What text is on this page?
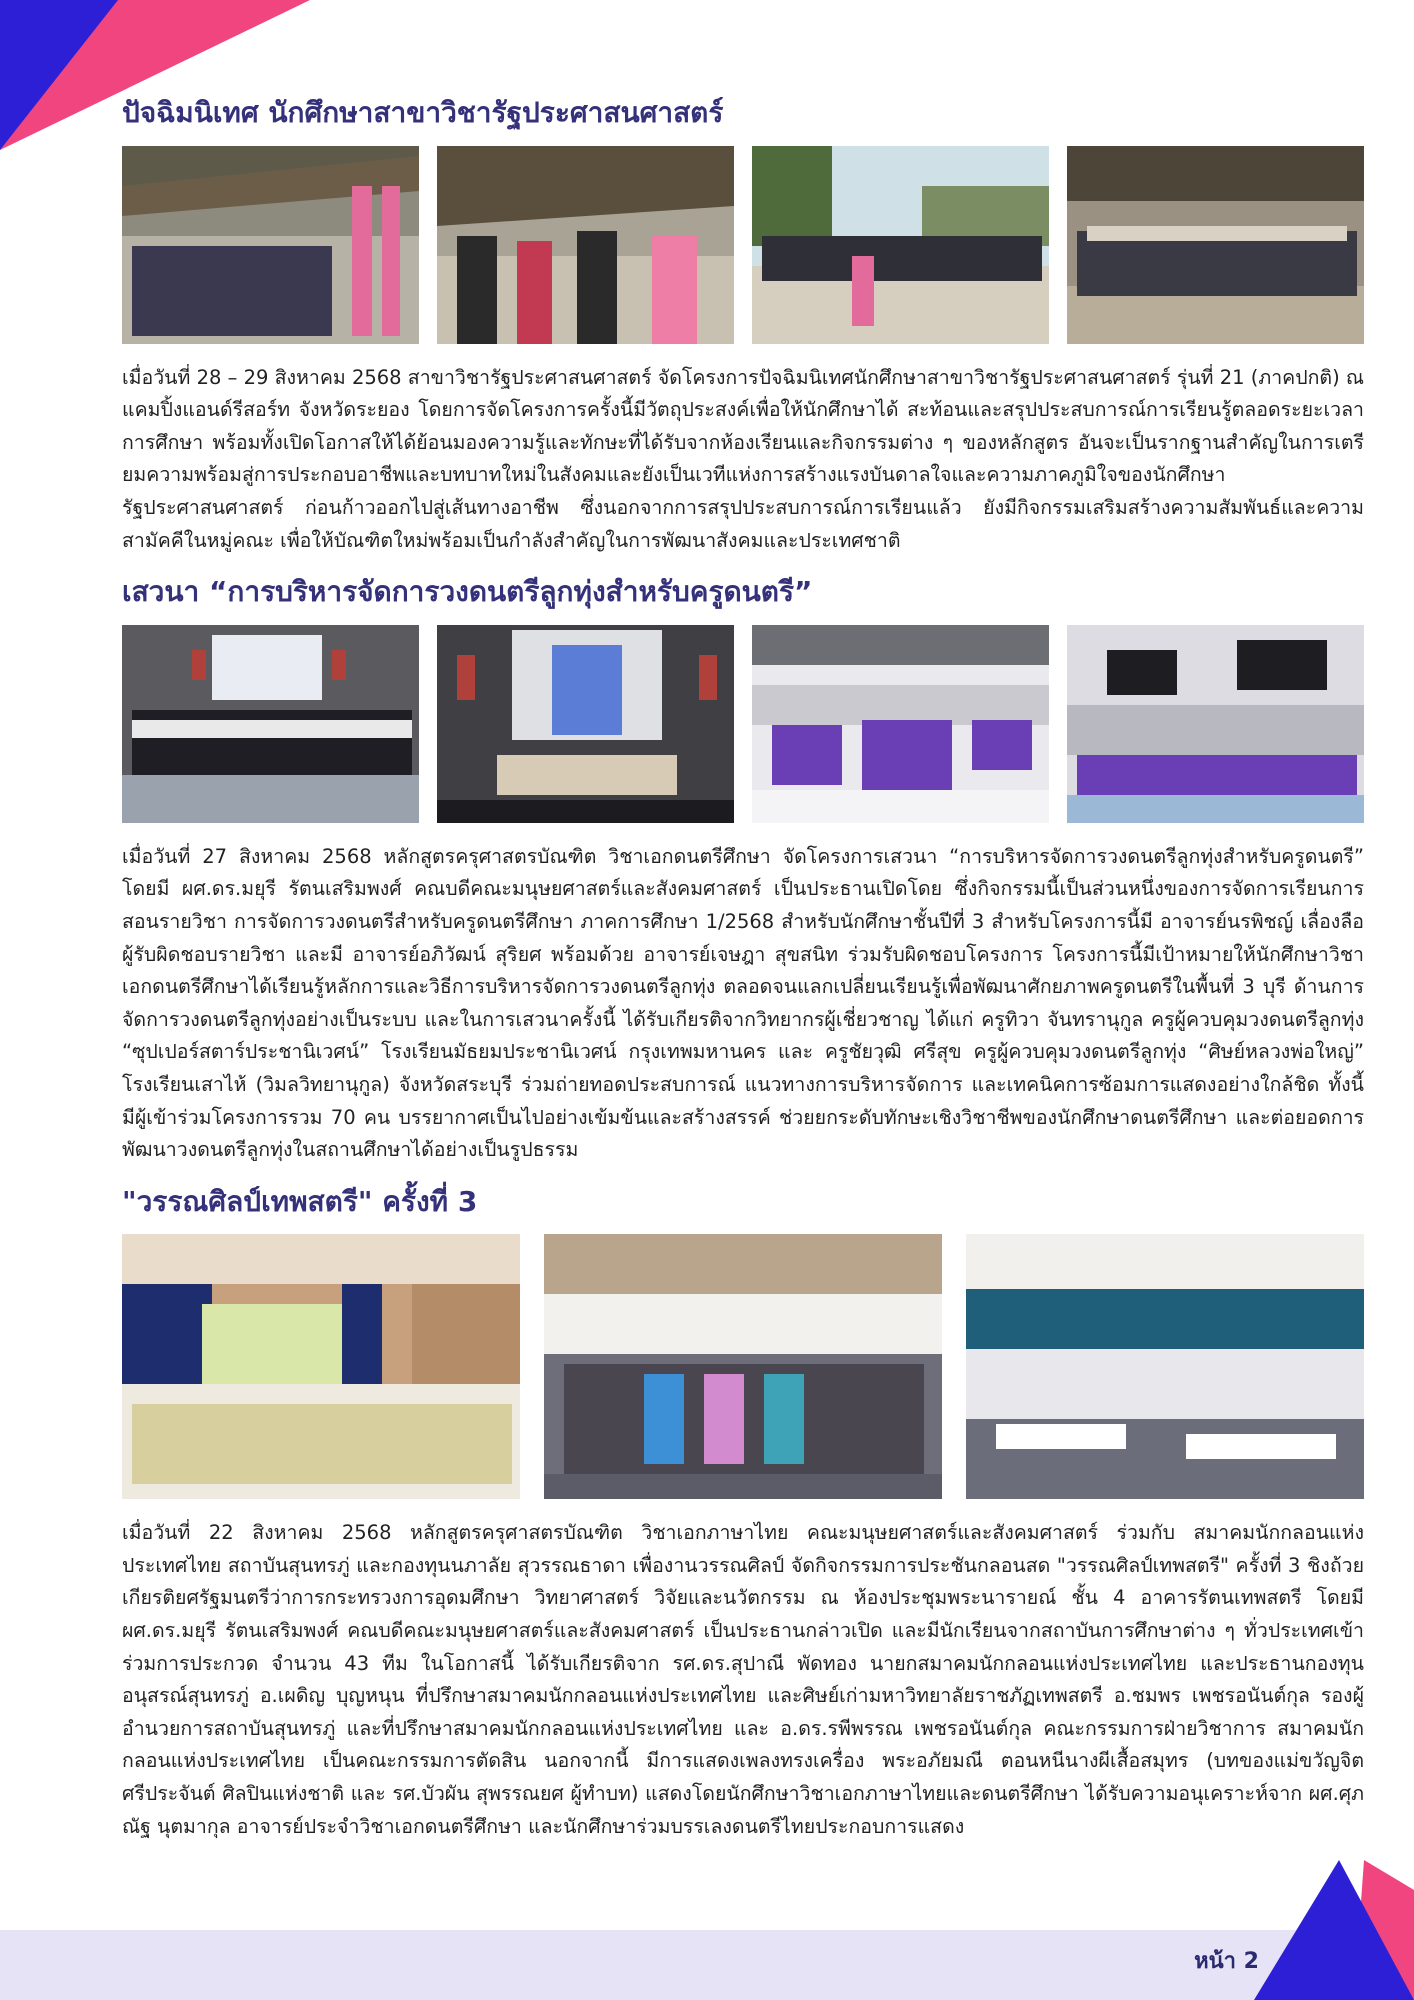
หน้า 2
ปัจฉิมนิเทศ นักศึกษาสาขาวิชารัฐประศาสนศาสตร์

เมื่อวันที่ 28 – 29 สิงหาคม 2568 สาขาวิชารัฐประศาสนศาสตร์ จัดโครงการปัจฉิมนิเทศนักศึกษาสาขาวิชารัฐประศาสนศาสตร์ รุ่นที่ 21 (ภาคปกติ) ณ แคมปิ้งแอนด์รีสอร์ท จังหวัดระยอง โดยการจัดโครงการครั้งนี้มีวัตถุประสงค์เพื่อให้นักศึกษาได้ สะท้อนและสรุปประสบการณ์การเรียนรู้ตลอดระยะเวลาการศึกษา พร้อมทั้งเปิดโอกาสให้ได้ย้อนมองความรู้และทักษะที่ได้รับจากห้องเรียนและกิจกรรมต่าง ๆ ของหลักสูตร อันจะเป็นรากฐานสำคัญในการเตรียมความพร้อมสู่การประกอบอาชีพและบทบาทใหม่ในสังคมและยังเป็นเวทีแห่งการสร้างแรงบันดาลใจและความภาคภูมิใจของนักศึกษารัฐประศาสนศาสตร์ ก่อนก้าวออกไปสู่เส้นทางอาชีพ ซึ่งนอกจากการสรุปประสบการณ์การเรียนแล้ว ยังมีกิจกรรมเสริมสร้างความสัมพันธ์และความสามัคคีในหมู่คณะ เพื่อให้บัณฑิตใหม่พร้อมเป็นกำลังสำคัญในการพัฒนาสังคมและประเทศชาติ

เสวนา “การบริหารจัดการวงดนตรีลูกทุ่งสำหรับครูดนตรี”

เมื่อวันที่ 27 สิงหาคม 2568 หลักสูตรครุศาสตรบัณฑิต วิชาเอกดนตรีศึกษา จัดโครงการเสวนา “การบริหารจัดการวงดนตรีลูกทุ่งสำหรับครูดนตรี” โดยมี ผศ.ดร.มยุรี รัตนเสริมพงศ์ คณบดีคณะมนุษยศาสตร์และสังคมศาสตร์ เป็นประธานเปิดโดย ซึ่งกิจกรรมนี้เป็นส่วนหนึ่งของการจัดการเรียนการสอนรายวิชา การจัดการวงดนตรีสำหรับครูดนตรีศึกษา ภาคการศึกษา 1/2568 สำหรับนักศึกษาชั้นปีที่ 3 สำหรับโครงการนี้มี อาจารย์นรพิชญ์ เลื่องลือ ผู้รับผิดชอบรายวิชา และมี อาจารย์อภิวัฒน์ สุริยศ พร้อมด้วย อาจารย์เจษฎา สุขสนิท ร่วมรับผิดชอบโครงการ โครงการนี้มีเป้าหมายให้นักศึกษาวิชาเอกดนตรีศึกษาได้เรียนรู้หลักการและวิธีการบริหารจัดการวงดนตรีลูกทุ่ง ตลอดจนแลกเปลี่ยนเรียนรู้เพื่อพัฒนาศักยภาพครูดนตรีในพื้นที่ 3 บุรี ด้านการจัดการวงดนตรีลูกทุ่งอย่างเป็นระบบ และในการเสวนาครั้งนี้ ได้รับเกียรติจากวิทยากรผู้เชี่ยวชาญ ได้แก่ ครูทิวา จันทรานุกูล ครูผู้ควบคุมวงดนตรีลูกทุ่ง “ซุปเปอร์สตาร์ประชานิเวศน์” โรงเรียนมัธยมประชานิเวศน์ กรุงเทพมหานคร และ ครูชัยวุฒิ ศรีสุข ครูผู้ควบคุมวงดนตรีลูกทุ่ง “ศิษย์หลวงพ่อใหญ่” โรงเรียนเสาไห้ (วิมลวิทยานุกูล) จังหวัดสระบุรี ร่วมถ่ายทอดประสบการณ์ แนวทางการบริหารจัดการ และเทคนิคการซ้อมการแสดงอย่างใกล้ชิด ทั้งนี้ มีผู้เข้าร่วมโครงการรวม 70 คน บรรยากาศเป็นไปอย่างเข้มข้นและสร้างสรรค์ ช่วยยกระดับทักษะเชิงวิชาชีพของนักศึกษาดนตรีศึกษา และต่อยอดการพัฒนาวงดนตรีลูกทุ่งในสถานศึกษาได้อย่างเป็นรูปธรรม

"วรรณศิลป์เทพสตรี" ครั้งที่ 3

เมื่อวันที่ 22 สิงหาคม 2568 หลักสูตรครุศาสตรบัณฑิต วิชาเอกภาษาไทย คณะมนุษยศาสตร์และสังคมศาสตร์ ร่วมกับ สมาคมนักกลอนแห่งประเทศไทย สถาบันสุนทรภู่ และกองทุนนภาลัย สุวรรณธาดา เพื่องานวรรณศิลป์ จัดกิจกรรมการประชันกลอนสด "วรรณศิลป์เทพสตรี" ครั้งที่ 3 ชิงถ้วยเกียรติยศรัฐมนตรีว่าการกระทรวงการอุดมศึกษา วิทยาศาสตร์ วิจัยและนวัตกรรม ณ ห้องประชุมพระนารายณ์ ชั้น 4 อาคารรัตนเทพสตรี โดยมี ผศ.ดร.มยุรี รัตนเสริมพงศ์ คณบดีคณะมนุษยศาสตร์และสังคมศาสตร์ เป็นประธานกล่าวเปิด และมีนักเรียนจากสถาบันการศึกษาต่าง ๆ ทั่วประเทศเข้าร่วมการประกวด จำนวน 43 ทีม ในโอกาสนี้ ได้รับเกียรติจาก รศ.ดร.สุปาณี พัดทอง นายกสมาคมนักกลอนแห่งประเทศไทย และประธานกองทุนอนุสรณ์สุนทรภู่ อ.เผดิญ บุญหนุน ที่ปรึกษาสมาคมนักกลอนแห่งประเทศไทย และศิษย์เก่ามหาวิทยาลัยราชภัฏเทพสตรี อ.ชมพร เพชรอนันต์กุล รองผู้อำนวยการสถาบันสุนทรภู่ และที่ปรึกษาสมาคมนักกลอนแห่งประเทศไทย และ อ.ดร.รพีพรรณ เพชรอนันต์กุล คณะกรรมการฝ่ายวิชาการ สมาคมนักกลอนแห่งประเทศไทย เป็นคณะกรรมการตัดสิน นอกจากนี้ มีการแสดงเพลงทรงเครื่อง พระอภัยมณี ตอนหนีนางผีเสื้อสมุทร (บทของแม่ขวัญจิต ศรีประจันต์ ศิลปินแห่งชาติ และ รศ.บัวผัน สุพรรณยศ ผู้ทำบท) แสดงโดยนักศึกษาวิชาเอกภาษาไทยและดนตรีศึกษา ได้รับความอนุเคราะห์จาก ผศ.ศุภณัฐ นุตมากุล อาจารย์ประจำวิชาเอกดนตรีศึกษา และนักศึกษาร่วมบรรเลงดนตรีไทยประกอบการแสดง
